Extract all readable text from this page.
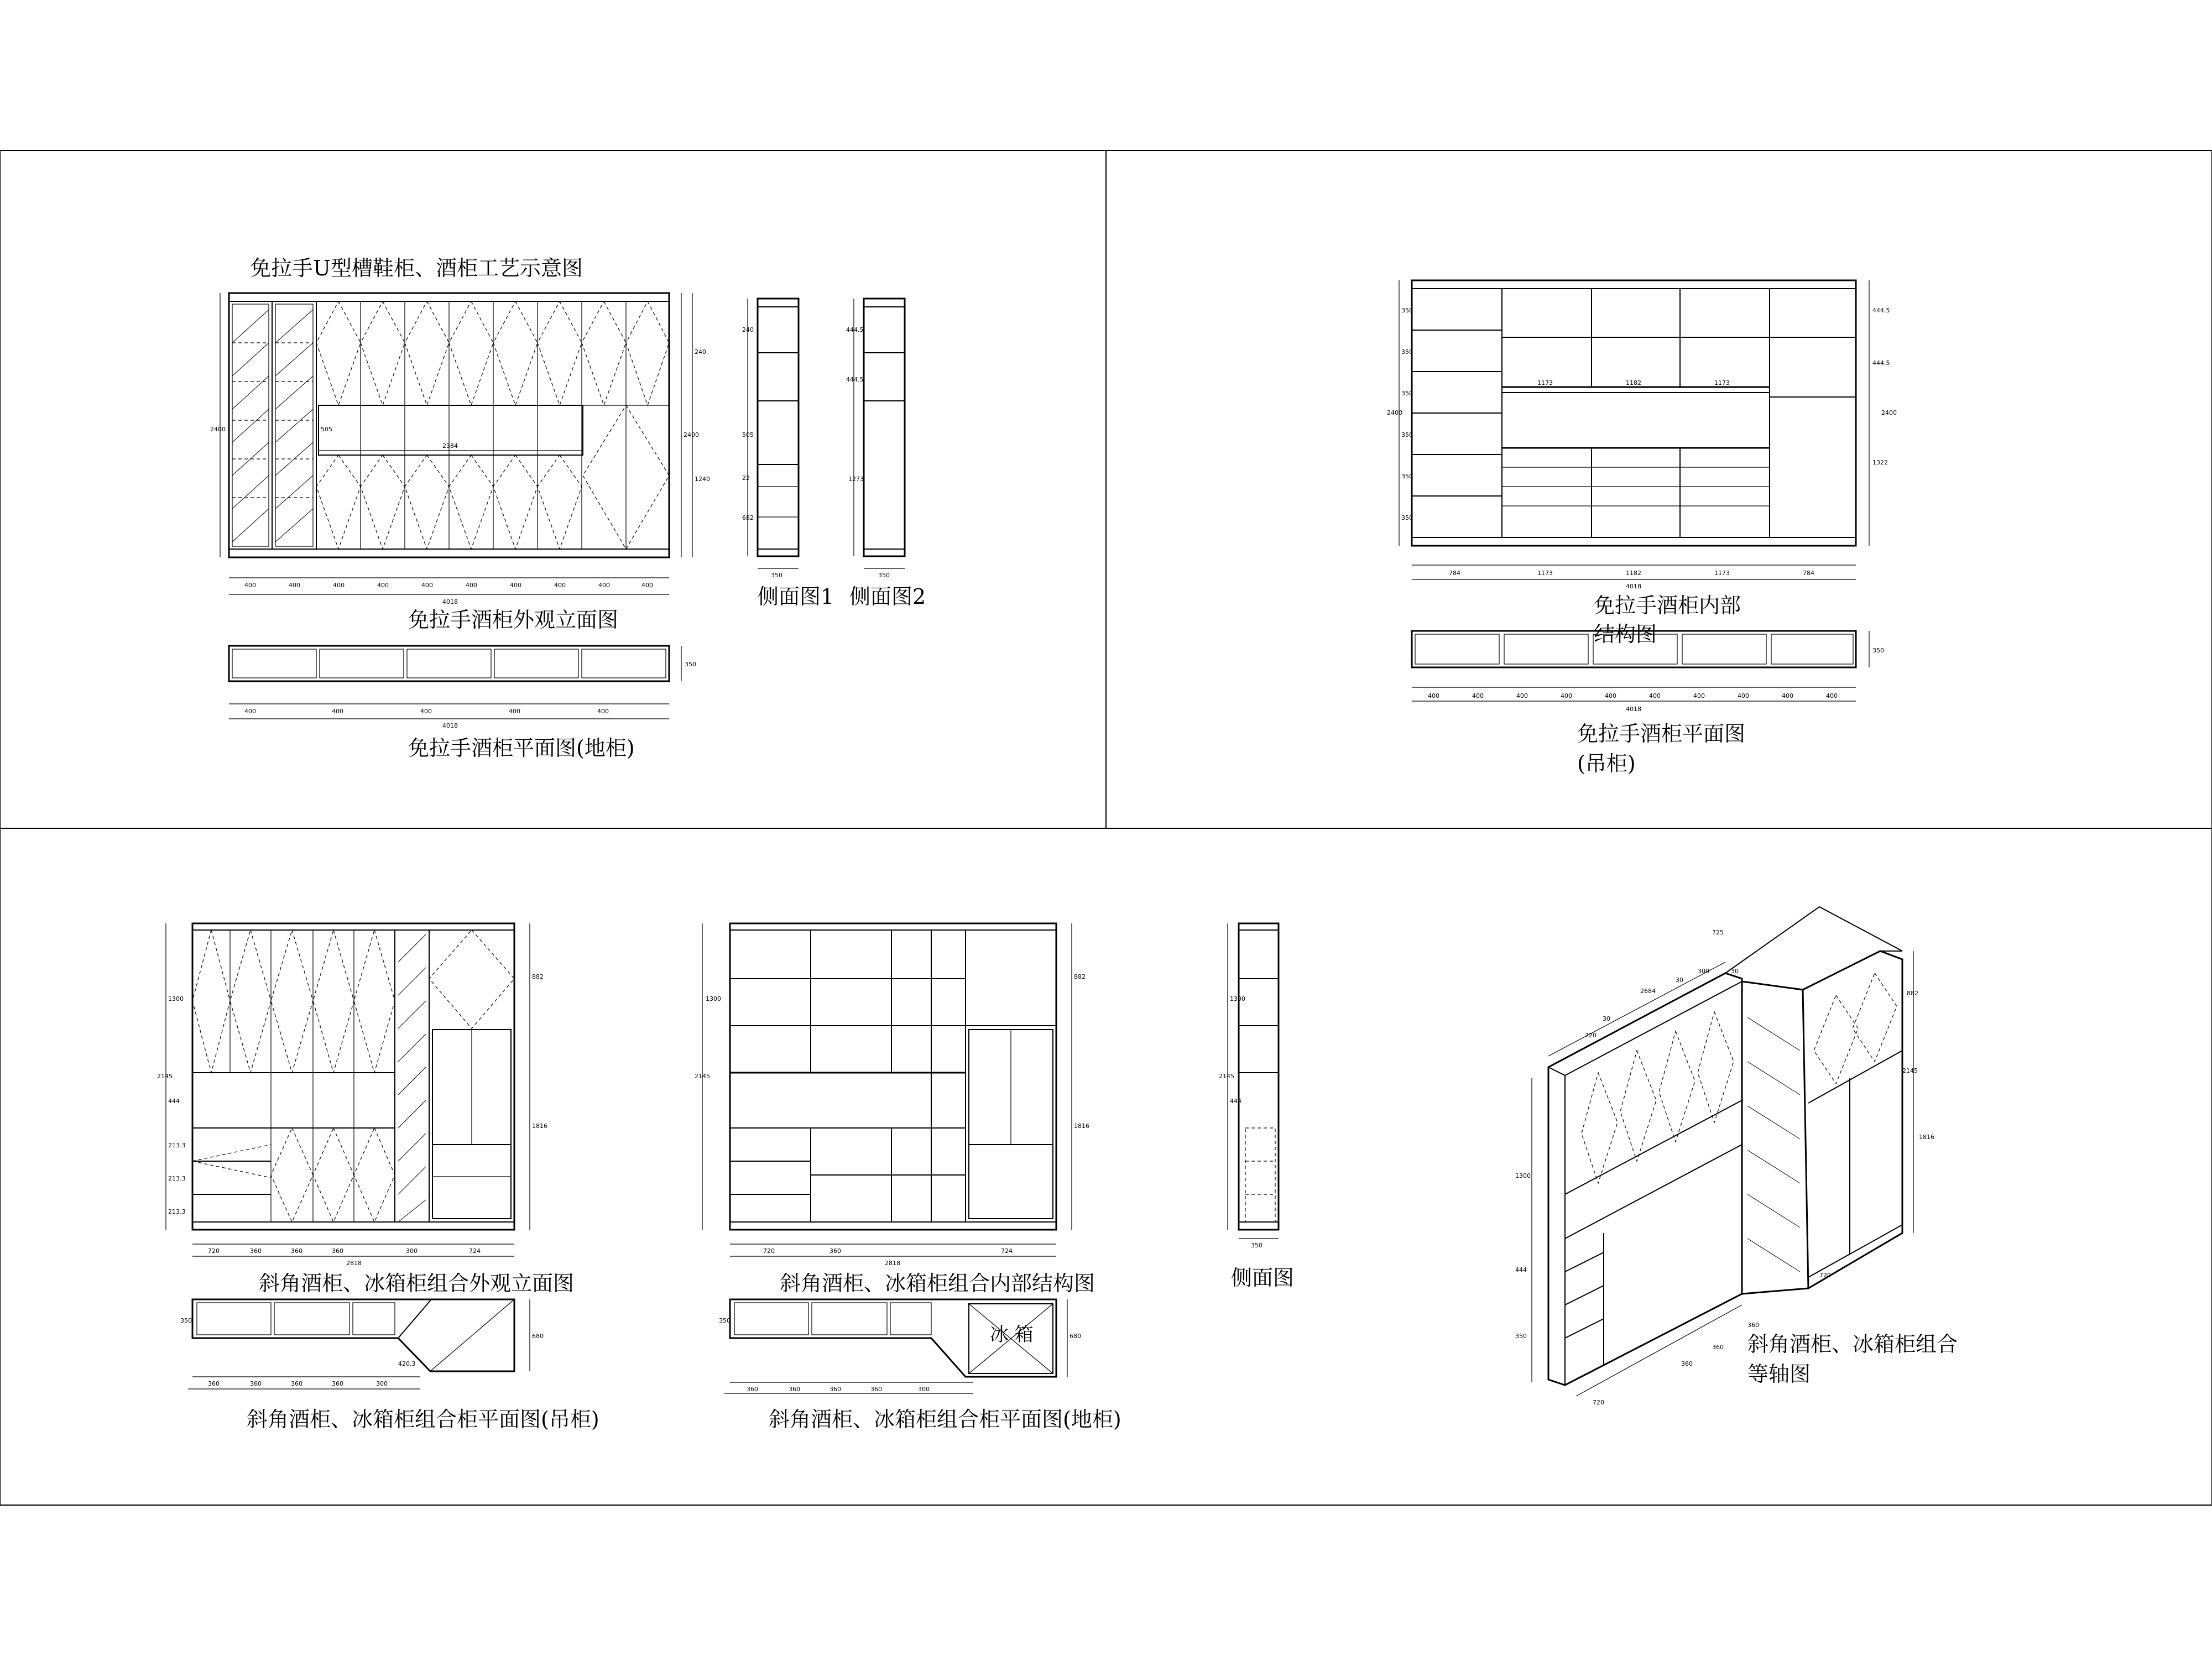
400	400	400	400	400	400	400	400	400	400
4018
2400
2400
240
1240
2384
505
400	400	400	400	400
4018
350
240
505
22
682
350
444.5
444.5
1273
350	784	1173	1182	1173	784
4018
2400
350
350
350
350
350
350
444.5
444.5
1322
2400
1173	1182	1173
400	400	400	400	400	400	400	400	400	400
4018
350
720	360	360	360	300	724
2818
1300
2145
444
213.3
213.3
213.3
882
1816
720	360	724
2818
1300
2145
882
1816
1300
2145
444
350
360	360	360	360	300
420.3
350
680
360	360	360	360	300
350
680
720
30
2684
30
300
725
30
882
2145
1816
1300
444
350
720
360
360
360
720
免拉手U型槽鞋柜、酒柜工艺示意图
免拉手酒柜外观立面图
免拉手酒柜平面图(地柜)
侧面图1 侧面图2	免拉手酒柜内部
结构图
免拉手酒柜平面图
(吊柜)
斜角酒柜、冰箱柜组合外观立面图	斜角酒柜、冰箱柜组合内部结构图	侧面图
斜角酒柜、冰箱柜组合柜平面图(吊柜)	斜角酒柜、冰箱柜组合柜平面图(地柜)
斜角酒柜、冰箱柜组合
等轴图
冰 箱
